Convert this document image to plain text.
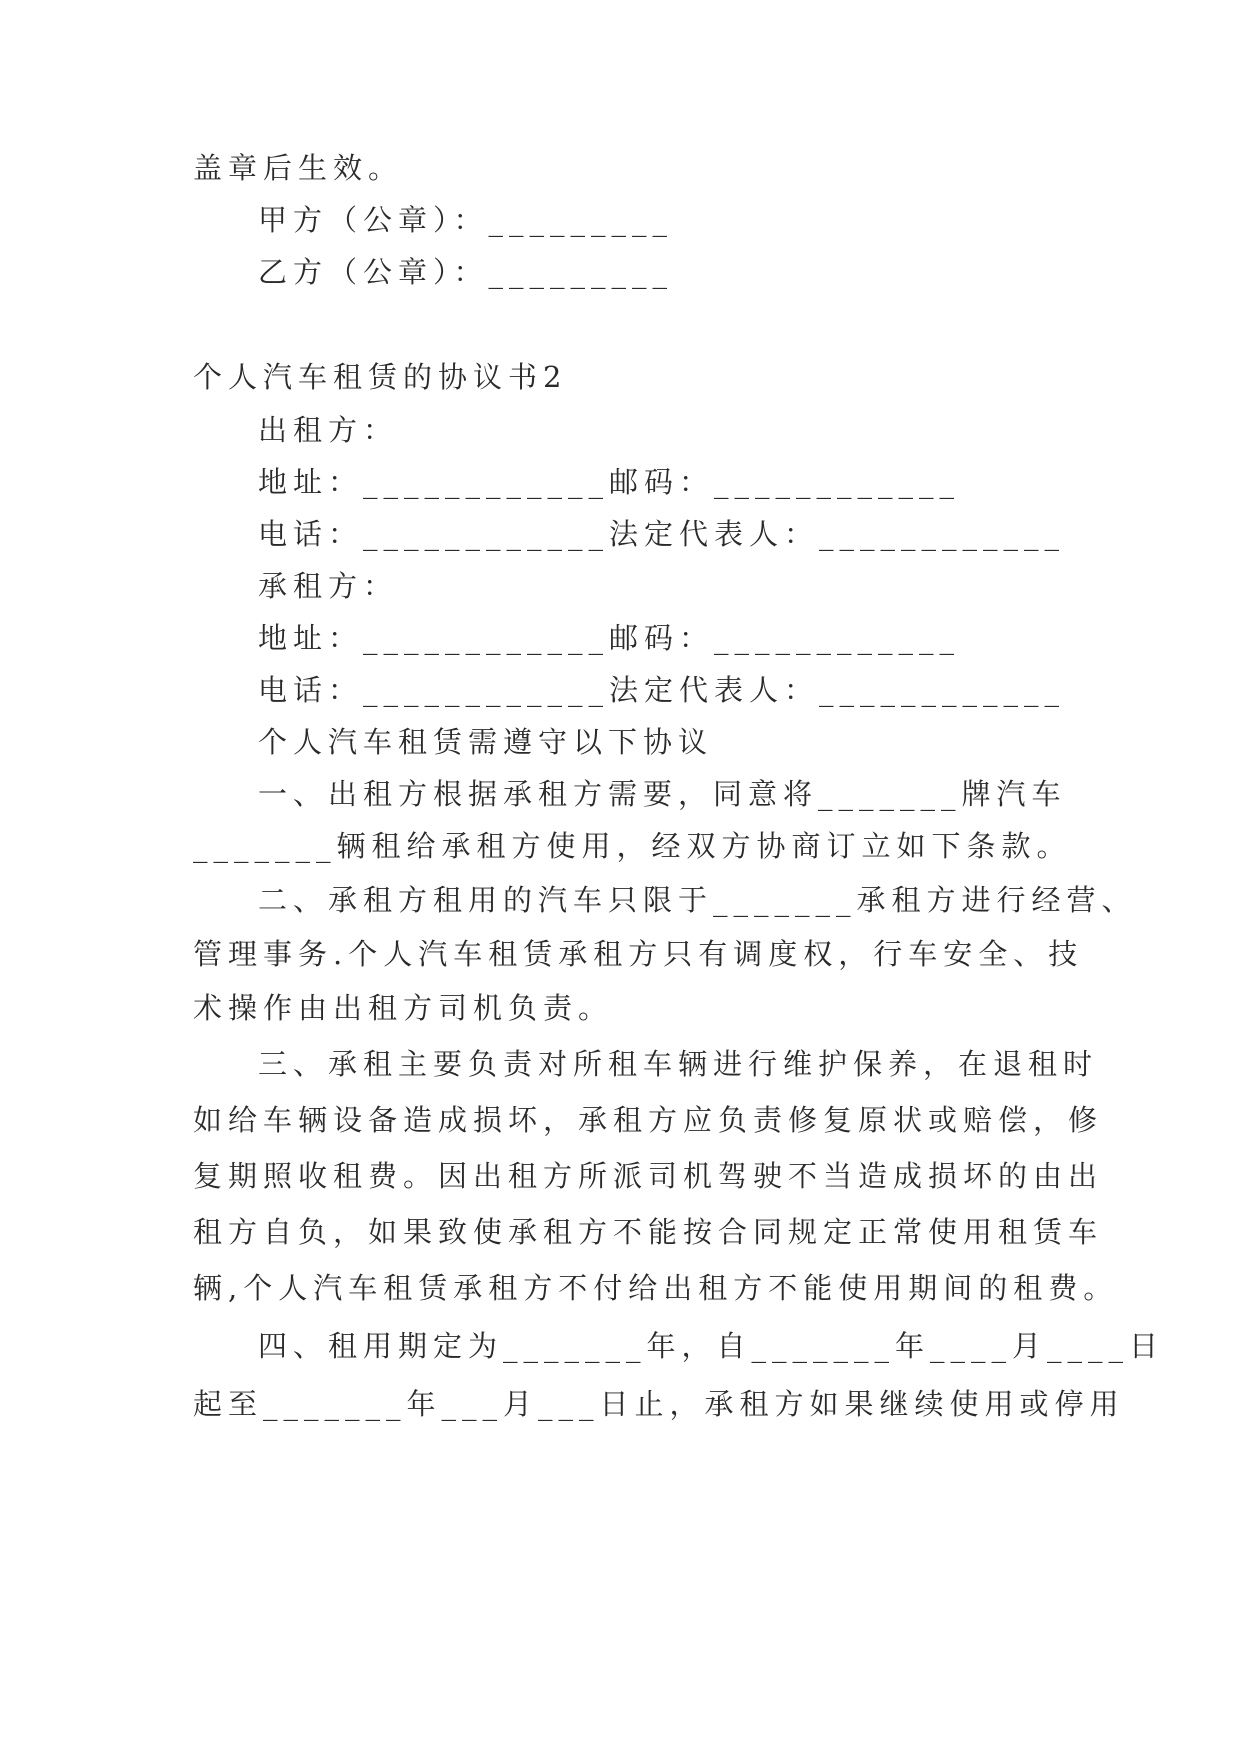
盖章后生效。
甲方（公章）：_________
乙方（公章）：_________
个人汽车租赁的协议书2
出租方：
地址：____________邮码：____________
电话：____________法定代表人：____________
承租方：
地址：____________邮码：____________
电话：____________法定代表人：____________
个人汽车租赁需遵守以下协议
一、出租方根据承租方需要，同意将_______牌汽车
_______辆租给承租方使用，经双方协商订立如下条款。
二、承租方租用的汽车只限于_______承租方进行经营、
管理事务.个人汽车租赁承租方只有调度权，行车安全、技
术操作由出租方司机负责。
三、承租主要负责对所租车辆进行维护保养，在退租时
如给车辆设备造成损坏，承租方应负责修复原状或赔偿，修
复期照收租费。因出租方所派司机驾驶不当造成损坏的由出
租方自负，如果致使承租方不能按合同规定正常使用租赁车
辆,个人汽车租赁承租方不付给出租方不能使用期间的租费。
四、租用期定为_______年，自_______年____月____日
起至_______年___月___日止，承租方如果继续使用或停用
